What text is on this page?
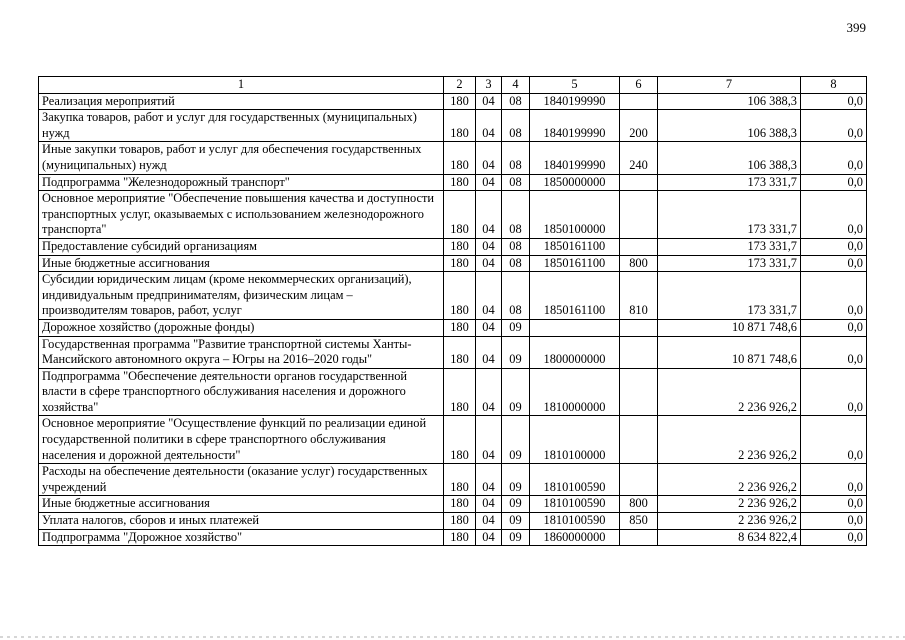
399
1	2	3	4	5	6	7	8
Реализация мероприятий	180	04	08	1840199990		106 388,3	0,0
Закупка товаров, работ и услуг для государственных (муниципальных) нужд	180	04	08	1840199990	200	106 388,3	0,0
Иные закупки товаров, работ и услуг для обеспечения государственных (муниципальных) нужд	180	04	08	1840199990	240	106 388,3	0,0
Подпрограмма "Железнодорожный транспорт"	180	04	08	1850000000		173 331,7	0,0
Основное мероприятие "Обеспечение повышения качества и доступности транспортных услуг, оказываемых с использованием железнодорожного транспорта"	180	04	08	1850100000		173 331,7	0,0
Предоставление субсидий организациям	180	04	08	1850161100		173 331,7	0,0
Иные бюджетные ассигнования	180	04	08	1850161100	800	173 331,7	0,0
Субсидии юридическим лицам (кроме некоммерческих организаций), индивидуальным предпринимателям, физическим лицам – производителям товаров, работ, услуг	180	04	08	1850161100	810	173 331,7	0,0
Дорожное хозяйство (дорожные фонды)	180	04	09			10 871 748,6	0,0
Государственная программа "Развитие транспортной системы Ханты-Мансийского автономного округа – Югры на 2016–2020 годы"	180	04	09	1800000000		10 871 748,6	0,0
Подпрограмма "Обеспечение деятельности органов государственной власти в сфере транспортного обслуживания населения и дорожного хозяйства"	180	04	09	1810000000		2 236 926,2	0,0
Основное мероприятие "Осуществление функций по реализации единой государственной политики в сфере транспортного обслуживания населения и дорожной деятельности"	180	04	09	1810100000		2 236 926,2	0,0
Расходы на обеспечение деятельности (оказание услуг) государственных учреждений	180	04	09	1810100590		2 236 926,2	0,0
Иные бюджетные ассигнования	180	04	09	1810100590	800	2 236 926,2	0,0
Уплата налогов, сборов и иных платежей	180	04	09	1810100590	850	2 236 926,2	0,0
Подпрограмма "Дорожное хозяйство"	180	04	09	1860000000		8 634 822,4	0,0
